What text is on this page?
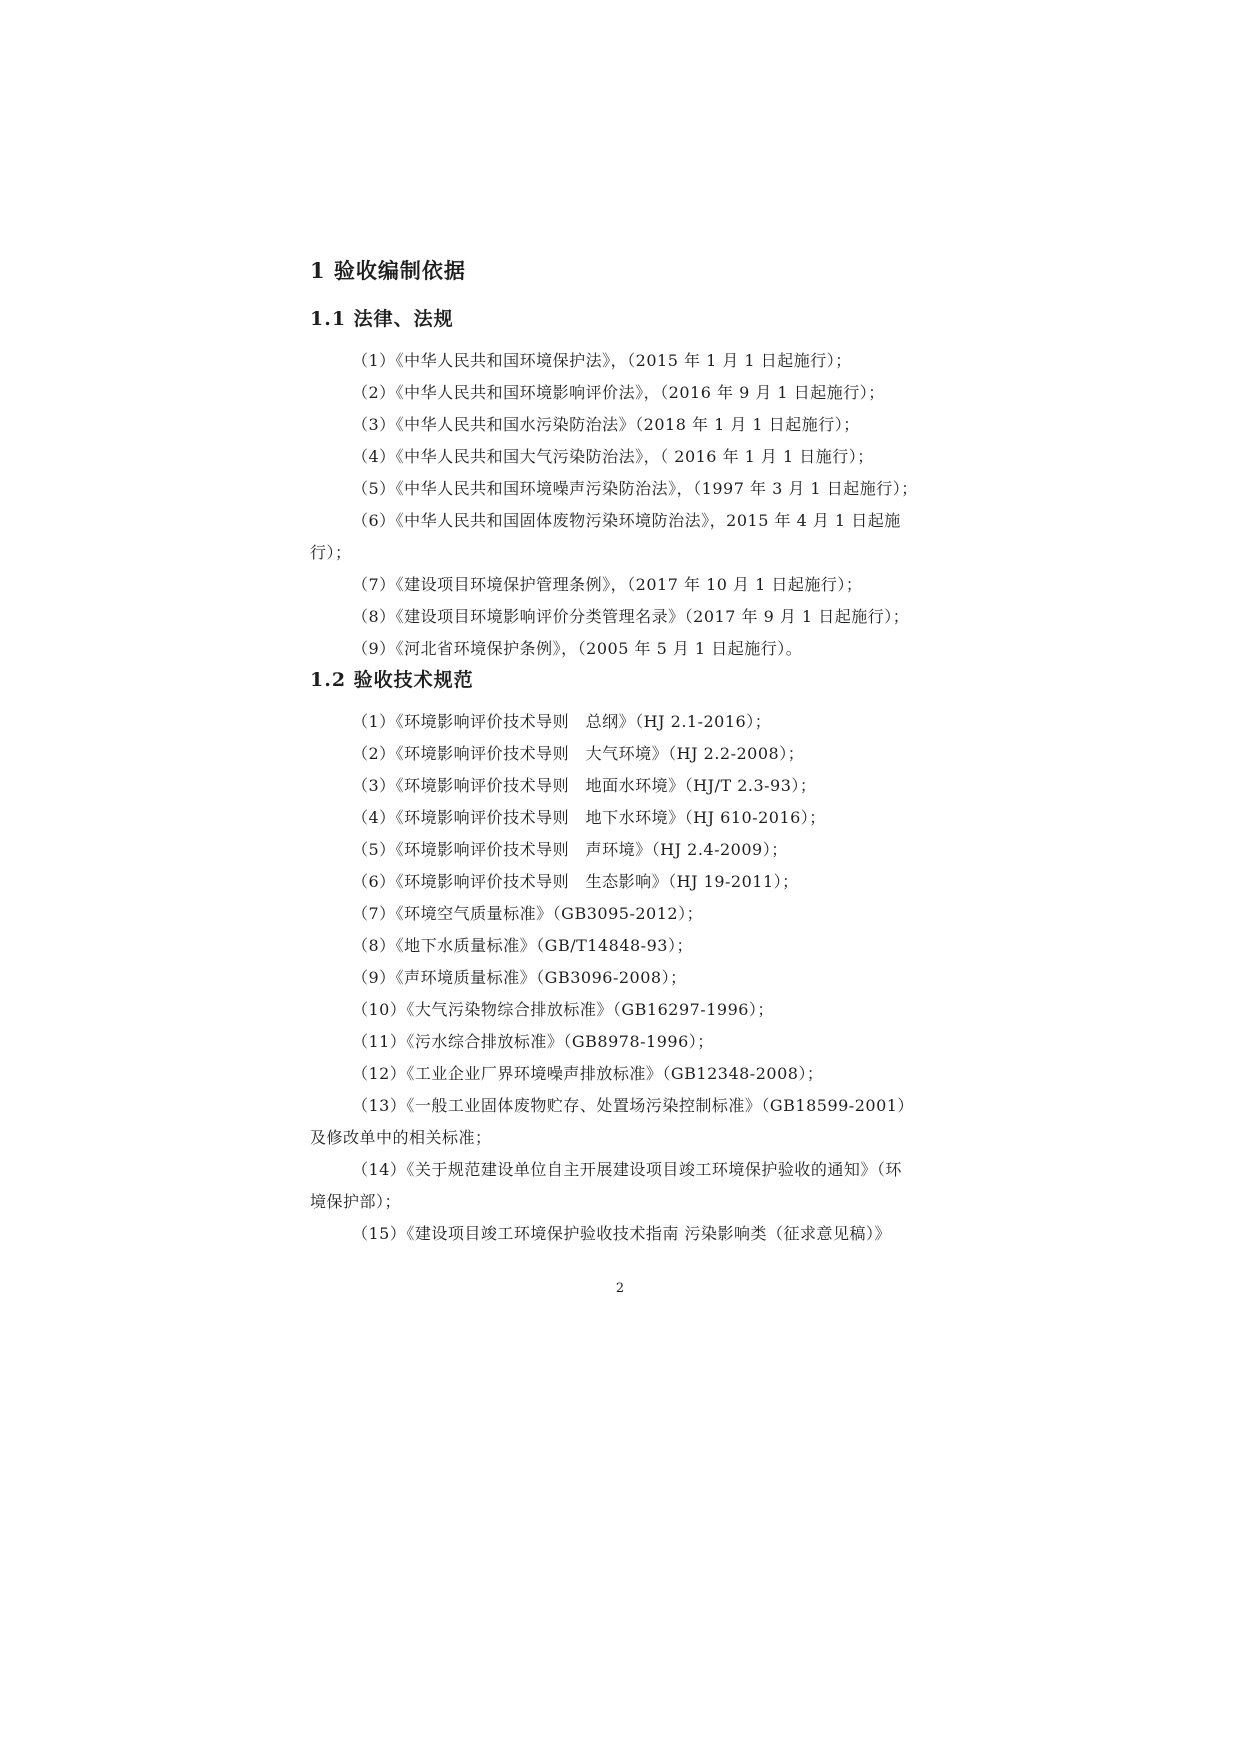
1 验收编制依据
1.1 法律、法规

（1）《中华人民共和国环境保护法》，（2015 年 1 月 1 日起施行）；

（2）《中华人民共和国环境影响评价法》，（2016 年 9 月 1 日起施行）；

（3）《中华人民共和国水污染防治法》（2018 年 1 月 1 日起施行）；

（4）《中华人民共和国大气污染防治法》，（ 2016 年 1 月 1 日施行）；

（5）《中华人民共和国环境噪声污染防治法》，（1997 年 3 月 1 日起施行）；

（6）《中华人民共和国固体废物污染环境防治法》，2015 年 4 月 1 日起施行）；

（7）《建设项目环境保护管理条例》，（2017 年 10 月 1 日起施行）；

（8）《建设项目环境影响评价分类管理名录》（2017 年 9 月 1 日起施行）；

（9）《河北省环境保护条例》，（2005 年 5 月 1 日起施行）。

1.2 验收技术规范

（1）《环境影响评价技术导则　总纲》（HJ 2.1-2016）；

（2）《环境影响评价技术导则　大气环境》（HJ 2.2-2008）；

（3）《环境影响评价技术导则　地面水环境》（HJ/T 2.3-93）；

（4）《环境影响评价技术导则　地下水环境》（HJ 610-2016）；

（5）《环境影响评价技术导则　声环境》（HJ 2.4-2009）；

（6）《环境影响评价技术导则　生态影响》（HJ 19-2011）；

（7）《环境空气质量标准》（GB3095-2012）；

（8）《地下水质量标准》（GB/T14848-93）；

（9）《声环境质量标准》（GB3096-2008）；

（10）《大气污染物综合排放标准》（GB16297-1996）；

（11）《污水综合排放标准》（GB8978-1996）；

（12）《工业企业厂界环境噪声排放标准》（GB12348-2008）；

（13）《一般工业固体废物贮存、处置场污染控制标准》（GB18599-2001）及修改单中的相关标准；

（14）《关于规范建设单位自主开展建设项目竣工环境保护验收的通知》（环境保护部）；

（15）《建设项目竣工环境保护验收技术指南 污染影响类（征求意见稿）》

2
